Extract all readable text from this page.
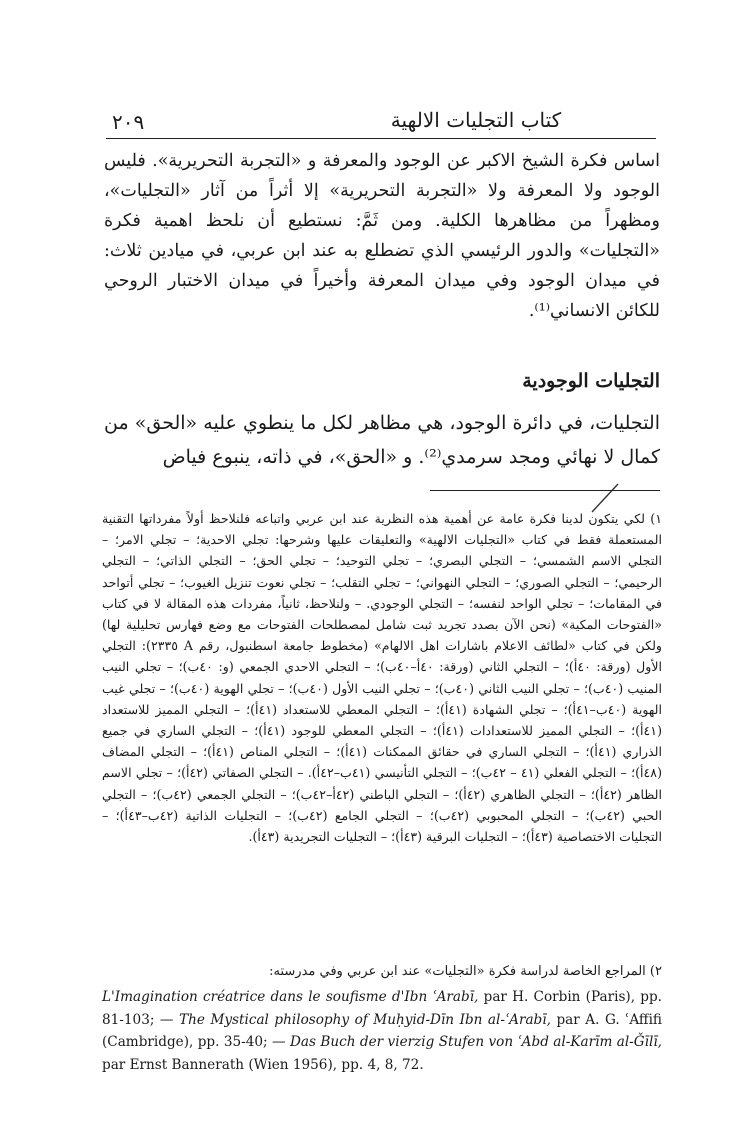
٢٠٩	كتاب التجليات الالهية
اساس فكرة الشيخ الاكبر عن الوجود والمعرفة و «التجربة التحريرية». فليس الوجود ولا المعرفة ولا «التجربة التحريرية» إلا أثراً من آثار «التجليات»، ومظهراً من مظاهرها الكلية. ومن ثَمَّ: نستطيع أن نلحظ اهمية فكرة «التجليات» والدور الرئيسي الذي تضطلع به عند ابن عربي، في ميادين ثلاث: في ميدان الوجود وفي ميدان المعرفة وأخيراً في ميدان الاختبار الروحي للكائن الانساني⁽¹⁾.
التجليات الوجودية
التجليات، في دائرة الوجود، هي مظاهر لكل ما ينطوي عليه «الحق» من كمال لا نهائي ومجد سرمدي⁽²⁾. و «الحق»، في ذاته، ينبوع فياض
١) لكي يتكون لدينا فكرة عامة عن أهمية هذه النظرية عند ابن عربي واتباعه فلنلاحظ أولاً مفرداتها التقنية المستعملة فقط في كتاب «التجليات الالهية» والتعليقات عليها وشرحها: تجلي الاحدية؛ – تجلي الامر؛ – التجلي الاسم الشمسي؛ – التجلي البصري؛ – تجلي التوحيد؛ – تجلي الحق؛ – التجلي الذاتي؛ – التجلي الرحيمي؛ – التجلي الصوري؛ – التجلي النهواني؛ – تجلي التقلب؛ – تجلي نعوت تنزيل الغيوب؛ – تجلي أتواحد في المقامات؛ – تجلي الواحد لنفسه؛ – التجلي الوجودي. – ولنلاحظ، ثانياً، مفردات هذه المقالة لا في كتاب «الفتوحات المكية» (نحن الآن بصدد تجريد ثبت شامل لمصطلحات الفتوحات مع وضع فهارس تحليلية لها) ولكن في كتاب «لطائف الاعلام باشارات اهل الالهام» (مخطوط جامعة اسطنبول، رقم A ٢٣٣٥): التجلي الأول (ورقة: ٤٠أ)؛ – التجلي الثاني (ورقة: ٤٠أ–٤٠ب)؛ – التجلي الاحدي الجمعي (و: ٤٠ب)؛ – تجلي النيب المنيب (٤٠ب)؛ – تجلي النيب الثاني (٤٠ب)؛ – تجلي النيب الأول (٤٠ب)؛ – تجلي الهوية (٤٠ب)؛ – تجلي غيب الهوية (٤٠ب–٤١أ)؛ – تجلي الشهادة (٤١أ)؛ – التجلي المعطي للاستعداد (٤١أ)؛ – التجلي المميز للاستعداد (٤١أ)؛ – التجلي المميز للاستعدادات (٤١أ)؛ – التجلي المعطي للوجود (٤١أ)؛ – التجلي الساري في جميع الذراري (٤١أ)؛ – التجلي الساري في حقائق الممكنات (٤١أ)؛ – التجلي المناص (٤١أ)؛ – التجلي المضاف (٤٨أ)؛ – التجلي الفعلي (٤١ – ٤٢ب)؛ – التجلي التأنيسي (٤١ب–٤٢أ). – التجلي الصفاتي (٤٢أ)؛ – تجلي الاسم الظاهر (٤٢أ)؛ – التجلي الظاهري (٤٢أ)؛ – التجلي الباطني (٤٢أ–٤٢ب)؛ – التجلي الجمعي (٤٢ب)؛ – التجلي الحبي (٤٢ب)؛ – التجلي المحبوبي (٤٢ب)؛ – التجلي الجامع (٤٢ب)؛ – التجليات الذاتية (٤٢ب–٤٣أ)؛ – التجليات الاختصاصية (٤٣أ)؛ – التجليات البرقية (٤٣أ)؛ – التجليات التجريدية (٤٣أ).
٢) المراجع الخاصة لدراسة فكرة «التجليات» عند ابن عربي وفي مدرسته:
L'Imagination créatrice dans le soufisme d'Ibn ʿArabī, par H. Corbin (Paris), pp. 81-103; — The Mystical philosophy of Muḥyid-Dīn Ibn al-ʿArabī, par A. G. ʿAffifi (Cambridge), pp. 35-40; — Das Buch der vierzig Stufen von ʿAbd al-Karīm al-Ǧīlī, par Ernst Bannerath (Wien 1956), pp. 4, 8, 72.
